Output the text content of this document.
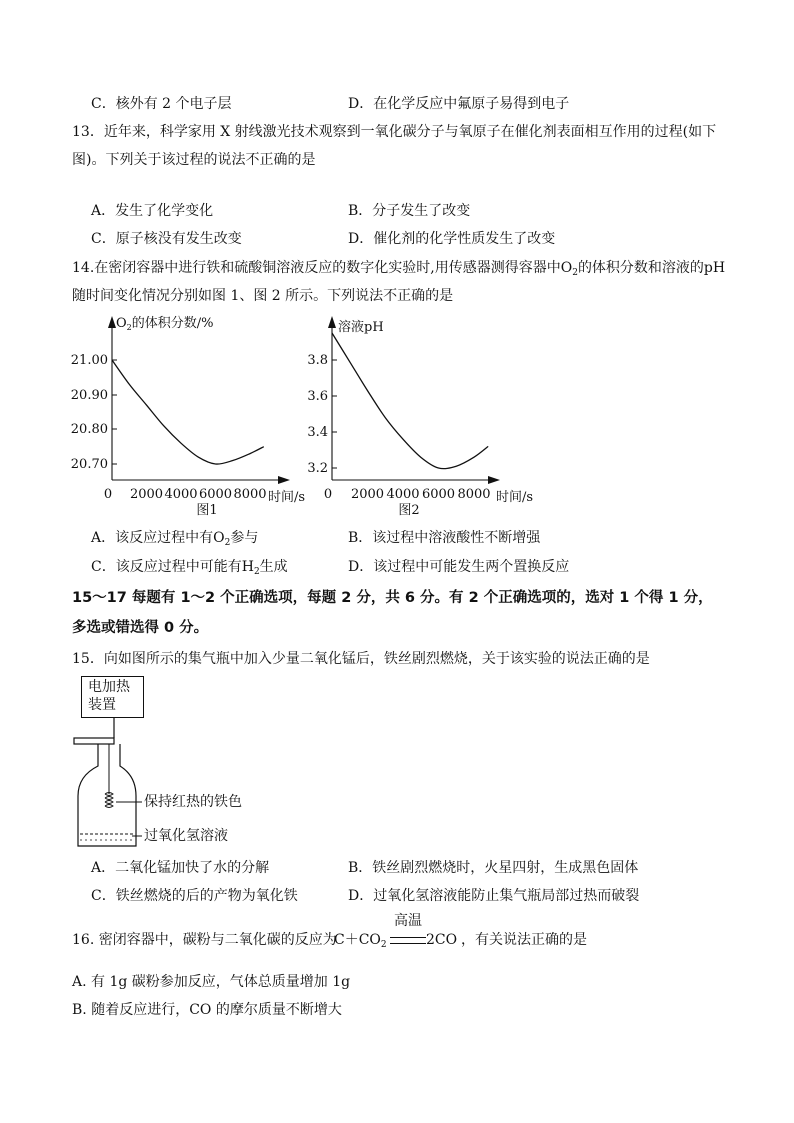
C．核外有 2 个电子层	D．在化学反应中氟原子易得到电子
13．近年来，科学家用 X 射线激光技术观察到一氧化碳分子与氧原子在催化剂表面相互作用的过程(如下
图)。下列关于该过程的说法不正确的是
A．发生了化学变化	B．分子发生了改变
C．原子核没有发生改变	D．催化剂的化学性质发生了改变
14.在密闭容器中进行铁和硫酸铜溶液反应的数字化实验时,用传感器测得容器中$O_2$的体积分数和溶液的pH
随时间变化情况分别如图 1、图 2 所示。下列说法不正确的是
$O_2$的体积分数/%
时间/s
图1
21.00
20.90
20.80
20.70
0 2000 4000 6000 8000
溶液pH
时间/s
图2
3.8
3.6
3.4
3.2
0 2000 4000 6000 8000
A．该反应过程中有$O_2$参与	B．该过程中溶液酸性不断增强
C．该反应过程中可能有$H_2$生成	D．该过程中可能发生两个置换反应
15～17 每题有 1～2 个正确选项，每题 2 分，共 6 分。有 2 个正确选项的，选对 1 个得 1 分，
多选或错选得 0 分。
15．向如图所示的集气瓶中加入少量二氧化锰后，铁丝剧烈燃烧，关于该实验的说法正确的是
电加热
装置
保持红热的铁色
过氧化氢溶液
A．二氧化锰加快了水的分解	B．铁丝剧烈燃烧时，火星四射，生成黑色固体
C．铁丝燃烧的后的产物为氧化铁	D．过氧化氢溶液能防止集气瓶局部过热而破裂
16. 密闭容器中，碳粉与二氧化碳的反应为
$C+CO_2$
高温
2CO ，有关说法正确的是
A. 有 1g 碳粉参加反应，气体总质量增加 1g
B. 随着反应进行，CO 的摩尔质量不断增大
